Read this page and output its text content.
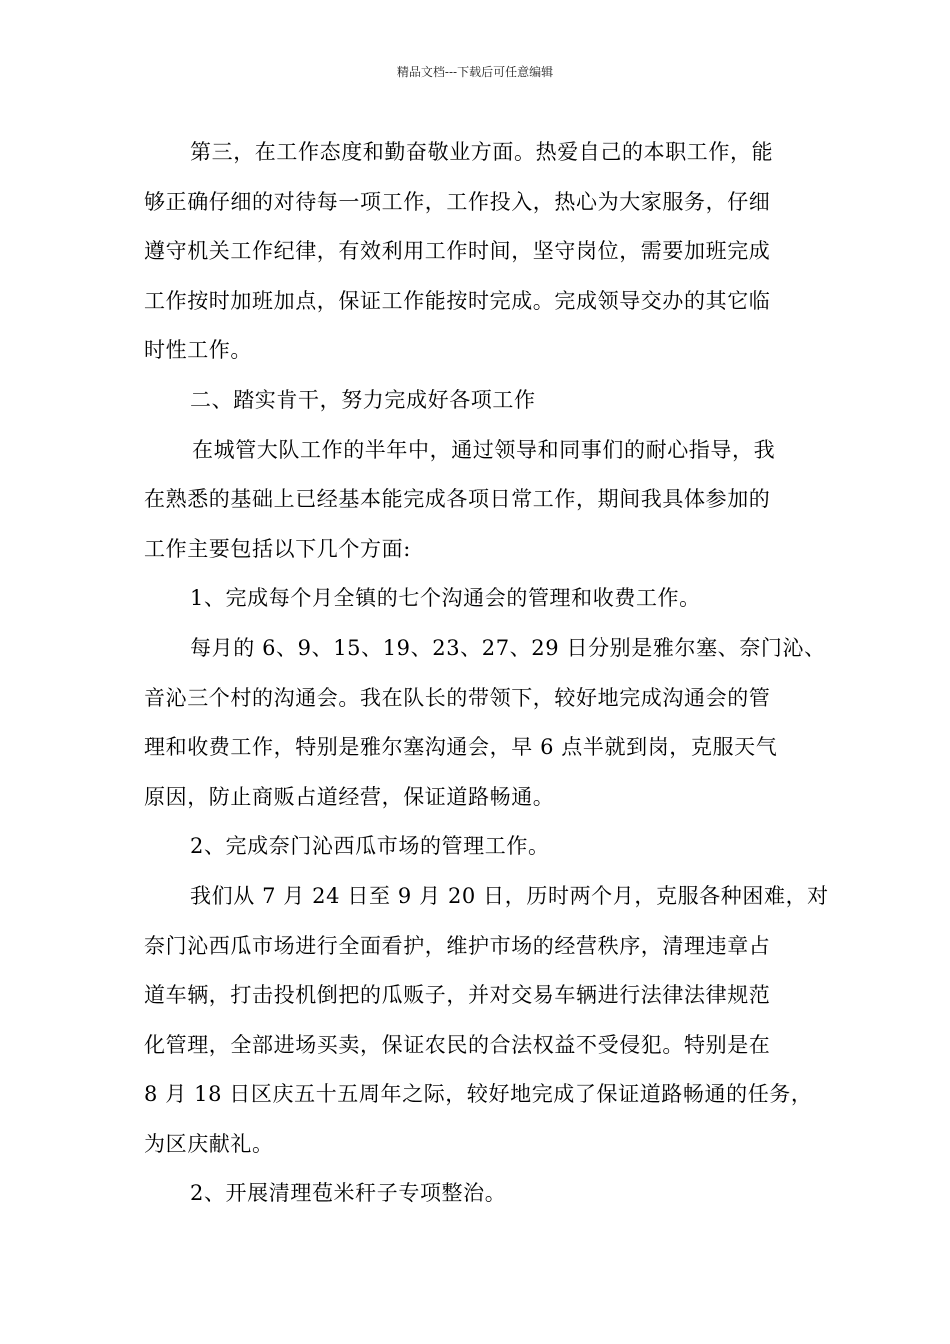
精品文档---下载后可任意编辑
第三，在工作态度和勤奋敬业方面。热爱自己的本职工作，能
够正确仔细的对待每一项工作，工作投入，热心为大家服务，仔细
遵守机关工作纪律，有效利用工作时间，坚守岗位，需要加班完成
工作按时加班加点，保证工作能按时完成。完成领导交办的其它临
时性工作。
二、踏实肯干，努力完成好各项工作
在城管大队工作的半年中，通过领导和同事们的耐心指导，我
在熟悉的基础上已经基本能完成各项日常工作，期间我具体参加的
工作主要包括以下几个方面:
1、完成每个月全镇的七个沟通会的管理和收费工作。
每月的 6、9、15、19、23、27、29 日分别是雅尔塞、奈门沁、
音沁三个村的沟通会。我在队长的带领下，较好地完成沟通会的管
理和收费工作，特别是雅尔塞沟通会，早 6 点半就到岗，克服天气
原因，防止商贩占道经营，保证道路畅通。
2、完成奈门沁西瓜市场的管理工作。
我们从 7 月 24 日至 9 月 20 日，历时两个月，克服各种困难，对
奈门沁西瓜市场进行全面看护，维护市场的经营秩序，清理违章占
道车辆，打击投机倒把的瓜贩子，并对交易车辆进行法律法律规范
化管理，全部进场买卖，保证农民的合法权益不受侵犯。特别是在
8 月 18 日区庆五十五周年之际，较好地完成了保证道路畅通的任务，
为区庆献礼。
2、开展清理苞米秆子专项整治。
